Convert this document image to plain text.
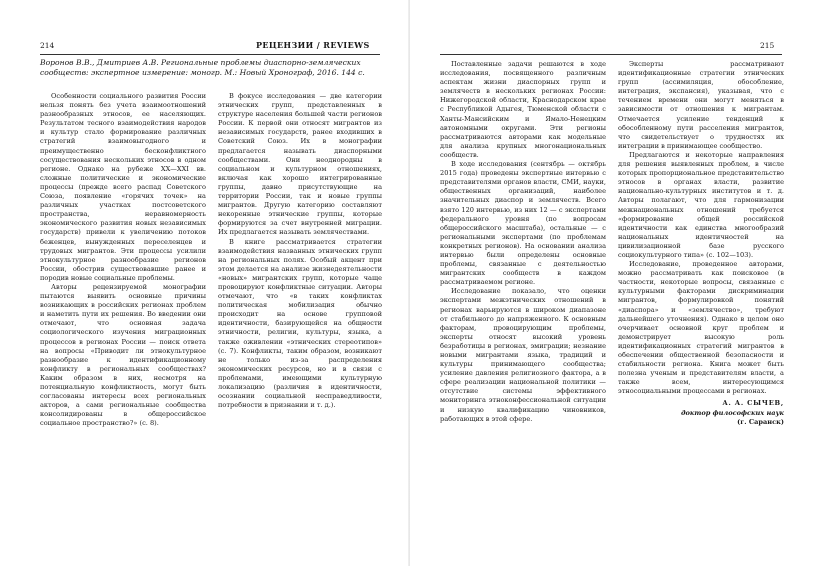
214	РЕЦЕНЗИИ / REVIEWS
Воронов В.В., Дмитриев А.В. Региональные проблемы диаспорно-земляческих сообществ: экспертное измерение: моногр. М.: Новый Хронограф, 2016. 144 с.

Особенности социального развития России нельзя понять без учета взаимоотношений разнообразных этносов, ее населяющих. Результатом тесного взаимодействия народов и культур стало формирование различных стратегий взаимовыгодного и преимущественно бесконфликтного сосуществования нескольких этносов в одном регионе. Однако на рубеже XX—XXI вв. сложные политические и экономические процессы (прежде всего распад Советского Союза, появление «горячих точек» на различных участках постсоветского пространства, неравномерность экономического развития новых независимых государств) привели к увеличению потоков беженцев, вынужденных переселенцев и трудовых мигрантов. Эти процессы усилили этнокультурное разнообразие регионов России, обострив существовавшие ранее и породив новые социальные проблемы.

Авторы рецензируемой монографии пытаются выявить основные причины возникающих в российских регионах проблем и наметить пути их решения. Во введении они отмечают, что основная задача социологического изучения миграционных процессов в регионах России — поиск ответа на вопросы «Приводит ли этнокультурное разнообразие к идентификационному конфликту в региональных сообществах? Каким образом в них, несмотря на потенциальную конфликтность, могут быть согласованы интересы всех региональных акторов, а сами региональные сообщества консолидированы в общероссийское социальное пространство?» (с. 8).

В фокусе исследования — две категории этнических групп, представленных в структуре населения большей части регионов России. К первой они относят мигрантов из независимых государств, ранее входивших в Советский Союз. Их в монографии предлагается называть диаспорными сообществами. Они неоднородны в социальном и культурном отношениях, включая как хорошо интегрированные группы, давно присутствующие на территории России, так и новые группы мигрантов. Другую категорию составляют некоренные этнические группы, которые формируются за счет внутренней миграции. Их предлагается называть землячествами.

В книге рассматривается стратегии взаимодействия названных этнических групп на региональных полях. Особый акцент при этом делается на анализе жизнедеятельности «новых» мигрантских групп, которые чаще провоцируют конфликтные ситуации. Авторы отмечают, что «в таких конфликтах политическая мобилизация обычно происходит на основе групповой идентичности, базирующейся на общности этничности, религии, культуры, языка, а также оживлении «этнических стереотипов» (с. 7). Конфликты, таким образом, возникают не только из-за распределения экономических ресурсов, но и в связи с проблемами, имеющими культурную локализацию (различия в идентичности, осознании социальной несправедливости, потребности в признании и т. д.).

215

Поставленные задачи решаются в ходе исследования, посвященного различным аспектам жизни диаспорных групп и землячеств в нескольких регионах России: Нижегородской области, Краснодарском крае с Республикой Адыгея, Тюменской области с Ханты-Мансийским и Ямало-Ненецким автономными округами. Эти регионы рассматриваются авторами как модельные для анализа крупных многонациональных сообществ.

В ходе исследования (сентябрь — октябрь 2015 года) проведены экспертные интервью с представителями органов власти, СМИ, науки, общественных организаций, наиболее значительных диаспор и землячеств. Всего взято 120 интервью, из них 12 — с экспертами федерального уровня (по вопросам общероссийского масштаба), остальные — с региональными экспертами (по проблемам конкретных регионов). На основании анализа интервью были определены основные проблемы, связанные с деятельностью мигрантских сообществ в каждом рассматриваемом регионе.

Исследование показало, что оценки экспертами межэтнических отношений в регионах варьируются в широком диапазоне от стабильного до напряженного. К основным факторам, провоцирующим проблемы, эксперты относят высокий уровень безработицы в регионах, эмиграции; незнание новыми мигрантами языка, традиций и культуры принимающего сообщества; усиление давления религиозного фактора, а в сфере реализации национальной политики — отсутствие системы эффективного мониторинга этноконфессиональной ситуации и низкую квалификацию чиновников, работающих в этой сфере.

Эксперты рассматривают идентификационные стратегии этнических групп (ассимиляция, обособление, интеграция, экспансия), указывая, что с течением времени они могут меняться в зависимости от отношения к мигрантам. Отмечается усиление тенденций к обособленному пути расселения мигрантов, что свидетельствует о трудностях их интеграции в принимающее сообщество.

Предлагаются и некоторые направления для решения выявленных проблем, в числе которых пропорциональное представительство этносов в органах власти, развитие национально-культурных институтов и т. д. Авторы полагают, что для гармонизации межнациональных отношений требуется «формирование общей российской идентичности как единства многообразий национальных идентичностей на цивилизационной базе русского социокультурного типа» (с. 102—103).

Исследование, проведенное авторами, можно рассматривать как поисковое (в частности, некоторые вопросы, связанные с культурными факторами дискриминации мигрантов, формулировкой понятий «диаспора» и «землячество», требуют дальнейшего уточнения). Однако в целом оно очерчивает основной круг проблем и демонстрирует высокую роль идентификационных стратегий мигрантов в обеспечении общественной безопасности и стабильности региона. Книга может быть полезна ученым и представителям власти, а также всем, интересующимся этносоциальными процессами в регионах.

А. А. СЫЧЕВ,

доктор философских наук

(г. Саранск)
